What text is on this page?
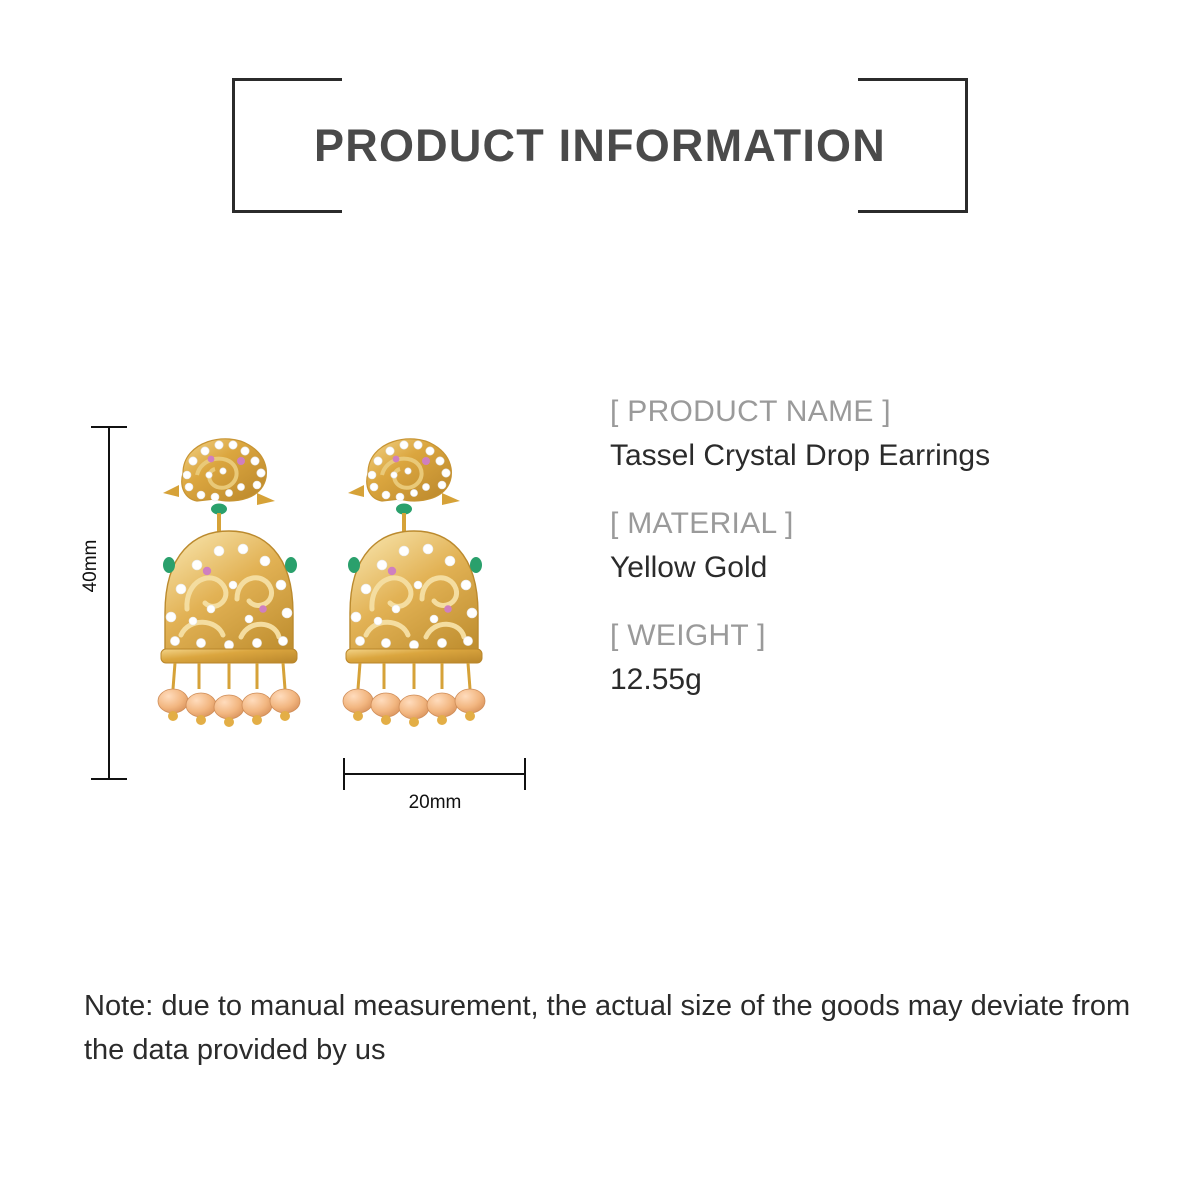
PRODUCT INFORMATION
40mm
20mm

[ PRODUCT NAME ]

Tassel Crystal Drop Earrings

[ MATERIAL ]

Yellow Gold

[ WEIGHT ]

12.55g

Note: due to manual measurement, the actual size of the goods may deviate from the data provided by us
